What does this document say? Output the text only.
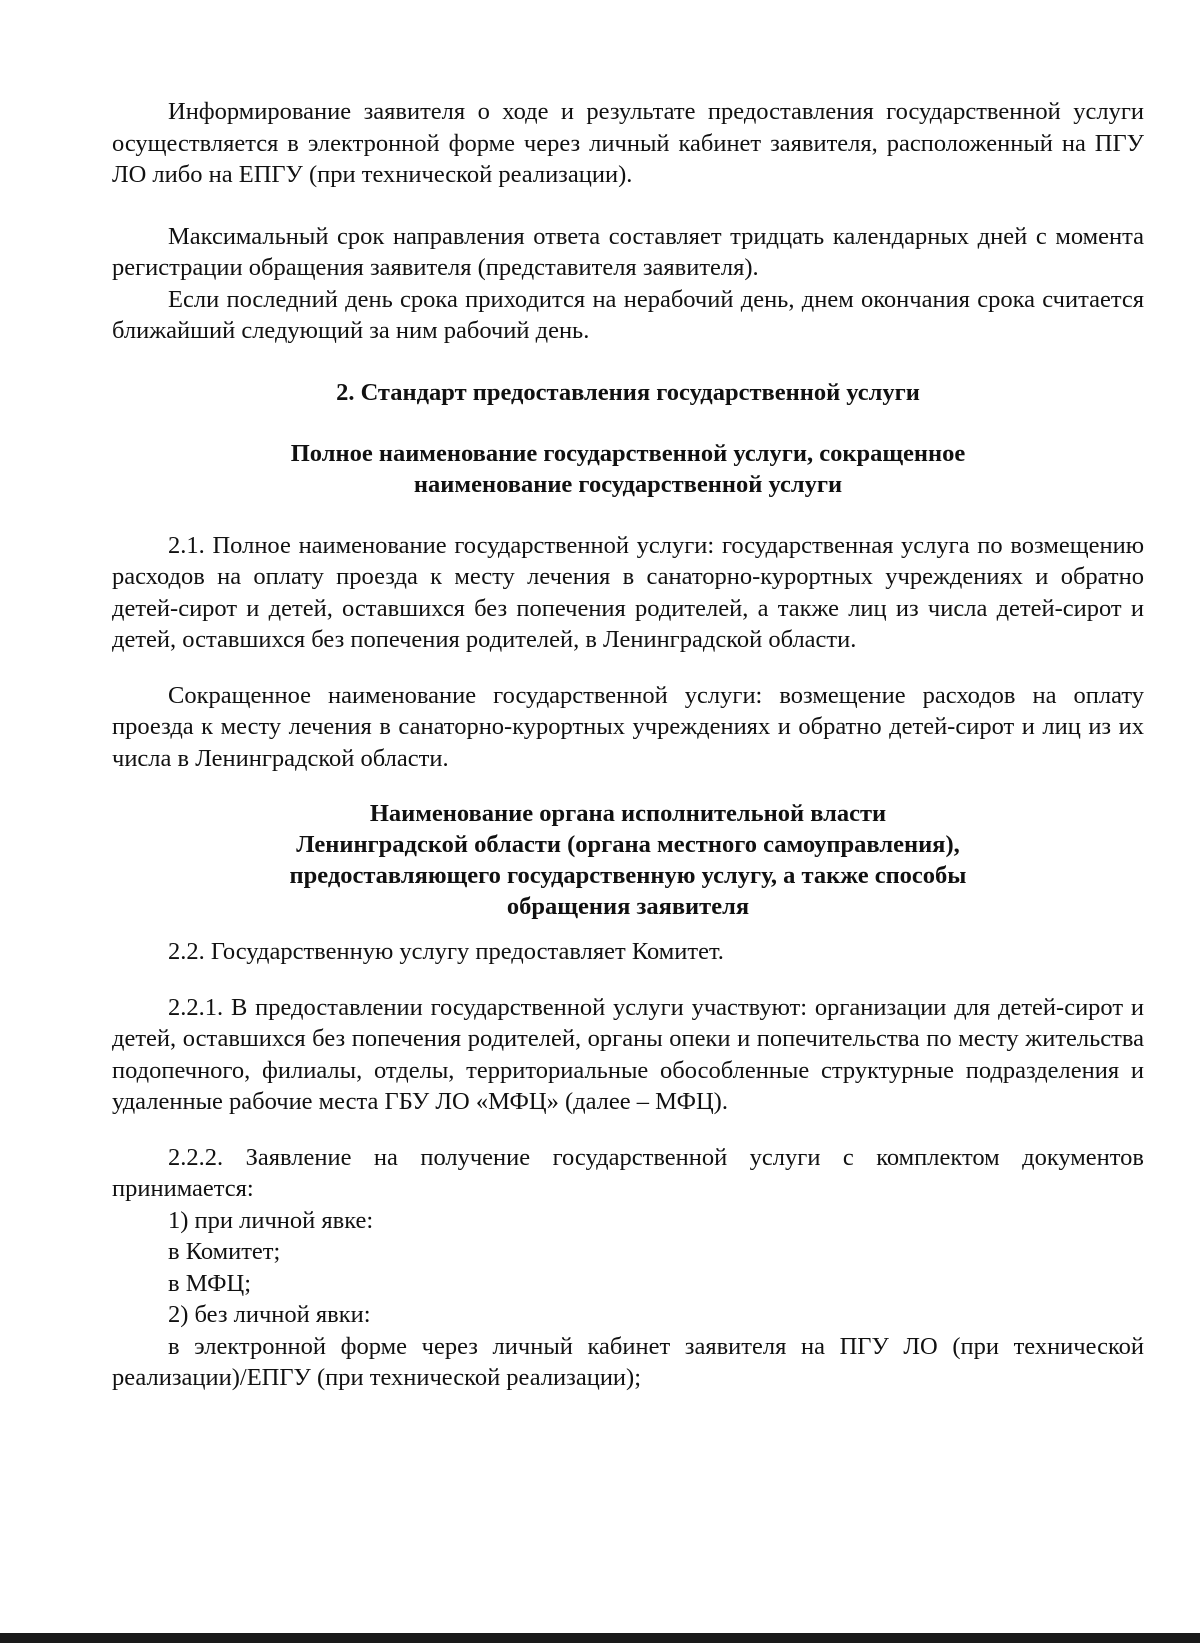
Информирование заявителя о ходе и результате предоставления государственной услуги осуществляется в электронной форме через личный кабинет заявителя, расположенный на ПГУ ЛО либо на ЕПГУ (при технической реализации).

Максимальный срок направления ответа составляет тридцать календарных дней с момента регистрации обращения заявителя (представителя заявителя).

Если последний день срока приходится на нерабочий день, днем окончания срока считается ближайший следующий за ним рабочий день.

2. Стандарт предоставления государственной услуги
Полное наименование государственной услуги, сокращенное
наименование государственной услуги

2.1. Полное наименование государственной услуги: государственная услуга по возмещению расходов на оплату проезда к месту лечения в санаторно-курортных учреждениях и обратно детей-сирот и детей, оставшихся без попечения родителей, а также лиц из числа детей-сирот и детей, оставшихся без попечения родителей, в Ленинградской области.

Сокращенное наименование государственной услуги: возмещение расходов на оплату проезда к месту лечения в санаторно-курортных учреждениях и обратно детей-сирот и лиц из их числа в Ленинградской области.

Наименование органа исполнительной власти
Ленинградской области (органа местного самоуправления),
предоставляющего государственную услугу, а также способы
обращения заявителя

2.2. Государственную услугу предоставляет Комитет.

2.2.1. В предоставлении государственной услуги участвуют: организации для детей-сирот и детей, оставшихся без попечения родителей, органы опеки и попечительства по месту жительства подопечного, филиалы, отделы, территориальные обособленные структурные подразделения и удаленные рабочие места ГБУ ЛО «МФЦ» (далее – МФЦ).

2.2.2. Заявление на получение государственной услуги с комплектом документов принимается:

1) при личной явке:
в Комитет;
в МФЦ;
2) без личной явки:

в электронной форме через личный кабинет заявителя на ПГУ ЛО (при технической реализации)/ЕПГУ (при технической реализации);
